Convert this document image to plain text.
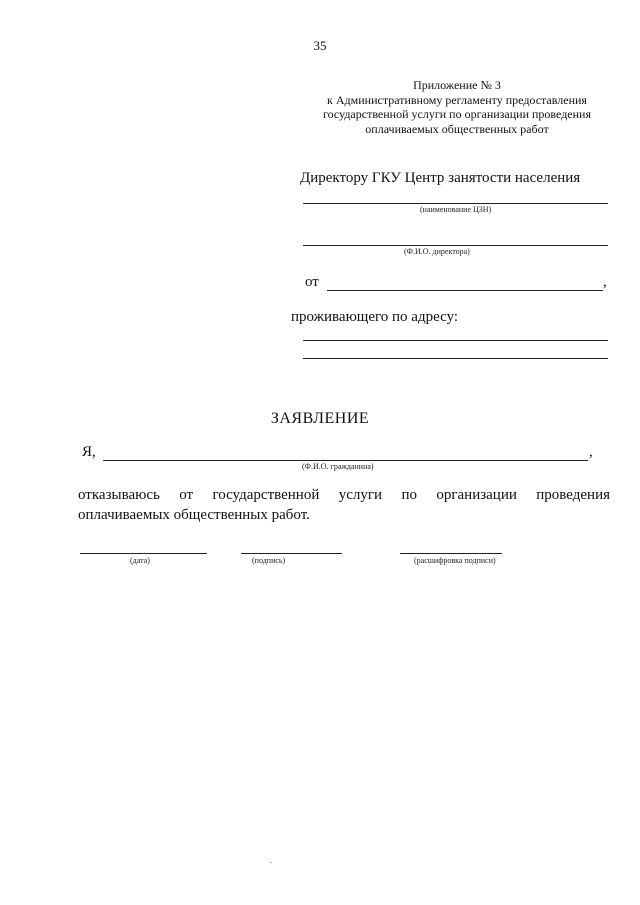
35
Приложение № 3
к Административному регламенту предоставления
государственной услуги по организации проведения
оплачиваемых общественных работ
Директору ГКУ Центр занятости населения
(наименование ЦЗН)
(Ф.И.О. директора)
от	,
проживающего по адресу:
ЗАЯВЛЕНИЕ
Я,	,
(Ф.И.О. гражданина)
отказываюсь от государственной услуги по организации проведения оплачиваемых общественных работ.
(дата)	(подпись)	(расшифровка подписи)
.
